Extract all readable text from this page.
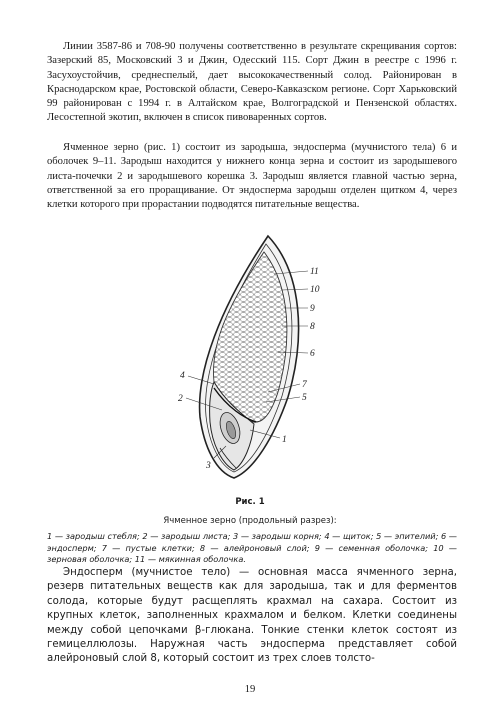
Линии 3587-86 и 708-90 получены соответственно в результате скрещивания сортов: Зазерский 85, Московский 3 и Джин, Одесский 115. Сорт Джин в реестре с 1996 г. Засухоустойчив, среднеспелый, дает высококачественный солод. Районирован в Краснодарском крае, Ростовской области, Северо-Кавказском регионе. Сорт Харьковский 99 районирован с 1994 г. в Алтайском крае, Волгоградской и Пензенской областях. Лесостепной экотип, включен в список пивоваренных сортов.

Ячменное зерно (рис. 1) состоит из зародыша, эндосперма (мучнистого тела) 6 и оболочек 9–11. Зародыш находится у нижнего конца зерна и состоит из зародышевого листа-почечки 2 и зародышевого корешка 3. Зародыш является главной частью зерна, ответственной за его проращивание. От эндосперма зародыш отделен щитком 4, через клетки которого при прорастании подводятся питательные вещества.

11
10
9
8
6
7
5
1
4
2
3
Рис. 1
Ячменное зерно (продольный разрез):

1 — зародыш стебля; 2 — зародыш листа; 3 — зародыш корня; 4 — щиток; 5 — эпителий; 6 — эндосперм; 7 — пустые клетки; 8 — алейроновый слой; 9 — семенная оболочка; 10 — зерновая оболочка; 11 — мякинная оболочка.

Эндосперм (мучнистое тело) — основная масса ячменного зерна, резерв питательных веществ как для зародыша, так и для ферментов солода, которые будут расщеплять крахмал на сахара. Состоит из крупных клеток, заполненных крахмалом и белком. Клетки соединены между собой цепочками β-глюкана. Тонкие стенки клеток состоят из гемицеллюлозы. Наружная часть эндосперма представляет собой алейроновый слой 8, который состоит из трех слоев толсто-

19
